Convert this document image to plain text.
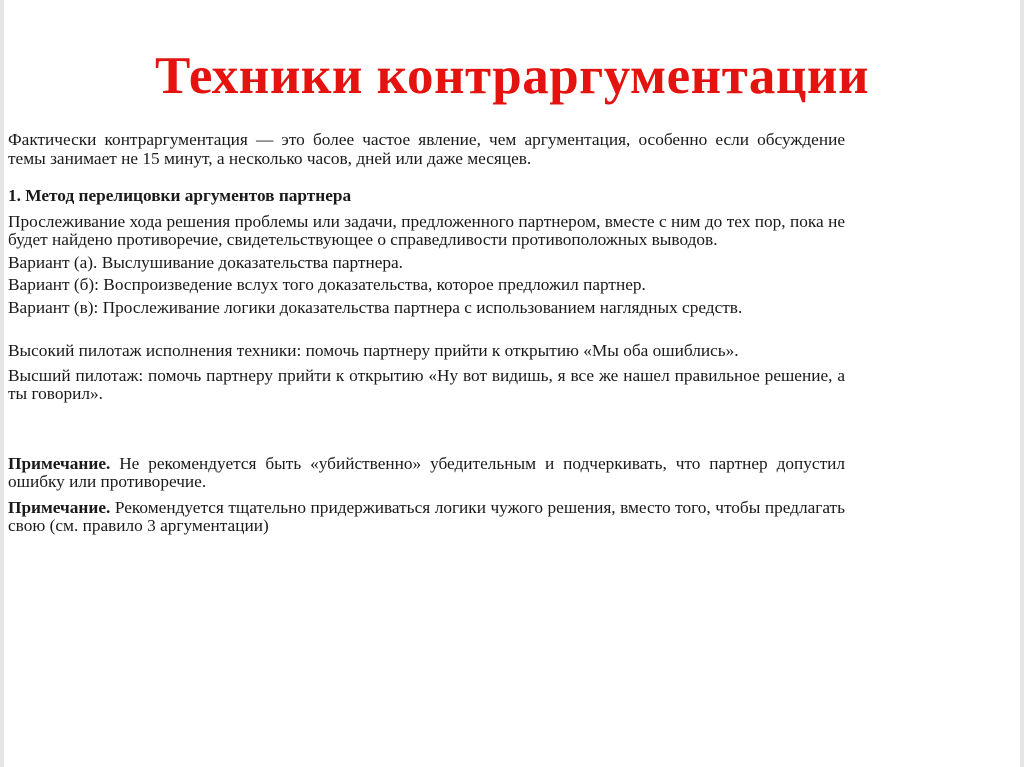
Техники контраргументации

Фактически контраргументация — это более частое явление, чем аргументация, особенно если обсуждение темы занимает не 15 минут, а несколько часов, дней или даже месяцев.

1. Метод перелицовки аргументов партнера

Прослеживание хода решения проблемы или задачи, предложенного партнером, вместе с ним до тех пор, пока не будет найдено противоречие, свидетельствующее о справедливости противоположных выводов.

Вариант (а). Выслушивание доказательства партнера.

Вариант (б): Воспроизведение вслух того доказательства, которое предложил партнер.

Вариант (в): Прослеживание логики доказательства партнера с использованием наглядных средств.

Высокий пилотаж исполнения техники: помочь партнеру прийти к открытию «Мы оба ошиблись».

Высший пилотаж: помочь партнеру прийти к открытию «Ну вот видишь, я все же нашел правильное решение, а ты говорил».

Примечание. Не рекомендуется быть «убийственно» убедительным и подчеркивать, что партнер допустил ошибку или противоречие.

Примечание. Рекомендуется тщательно придерживаться логики чужого решения, вместо того, чтобы предлагать свою (см. правило 3 аргументации)
